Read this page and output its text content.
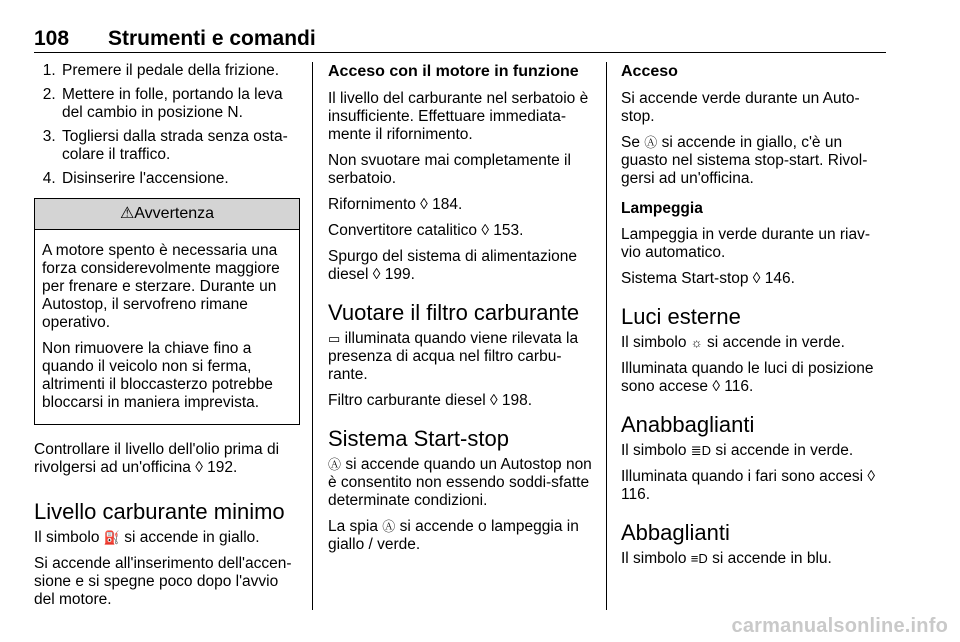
108 Strumenti e comandi
1. Premere il pedale della frizione.
2. Mettere in folle, portando la leva del cambio in posizione N.
3. Togliersi dalla strada senza osta-colare il traffico.
4. Disinserire l'accensione.
⚠Avvertenza

A motore spento è necessaria una forza considerevolmente maggiore per frenare e sterzare. Durante un Autostop, il servofreno rimane operativo.

Non rimuovere la chiave fino a quando il veicolo non si ferma, altrimenti il bloccasterzo potrebbe bloccarsi in maniera imprevista.

Controllare il livello dell'olio prima di rivolgersi ad un'officina ◊ 192.

Livello carburante minimo

Il simbolo ⛽ si accende in giallo.

Si accende all'inserimento dell'accen-sione e si spegne poco dopo l'avvio del motore.

Acceso con il motore in funzione

Il livello del carburante nel serbatoio è insufficiente. Effettuare immediata-mente il rifornimento.

Non svuotare mai completamente il serbatoio.

Rifornimento ◊ 184.

Convertitore catalitico ◊ 153.

Spurgo del sistema di alimentazione diesel ◊ 199.

Vuotare il filtro carburante

▭ illuminata quando viene rilevata la presenza di acqua nel filtro carbu-rante.

Filtro carburante diesel ◊ 198.

Sistema Start-stop

Ⓐ si accende quando un Autostop non è consentito non essendo soddi-sfatte determinate condizioni.

La spia Ⓐ si accende o lampeggia in giallo / verde.

Acceso

Si accende verde durante un Auto-stop.

Se Ⓐ si accende in giallo, c'è un guasto nel sistema stop-start. Rivol-gersi ad un'officina.

Lampeggia

Lampeggia in verde durante un riav-vio automatico.

Sistema Start-stop ◊ 146.

Luci esterne

Il simbolo ☼ si accende in verde.

Illuminata quando le luci di posizione sono accese ◊ 116.

Anabbaglianti

Il simbolo ≣D si accende in verde.

Illuminata quando i fari sono accesi ◊ 116.

Abbaglianti

Il simbolo ≡D si accende in blu.

carmanualsonline.info
